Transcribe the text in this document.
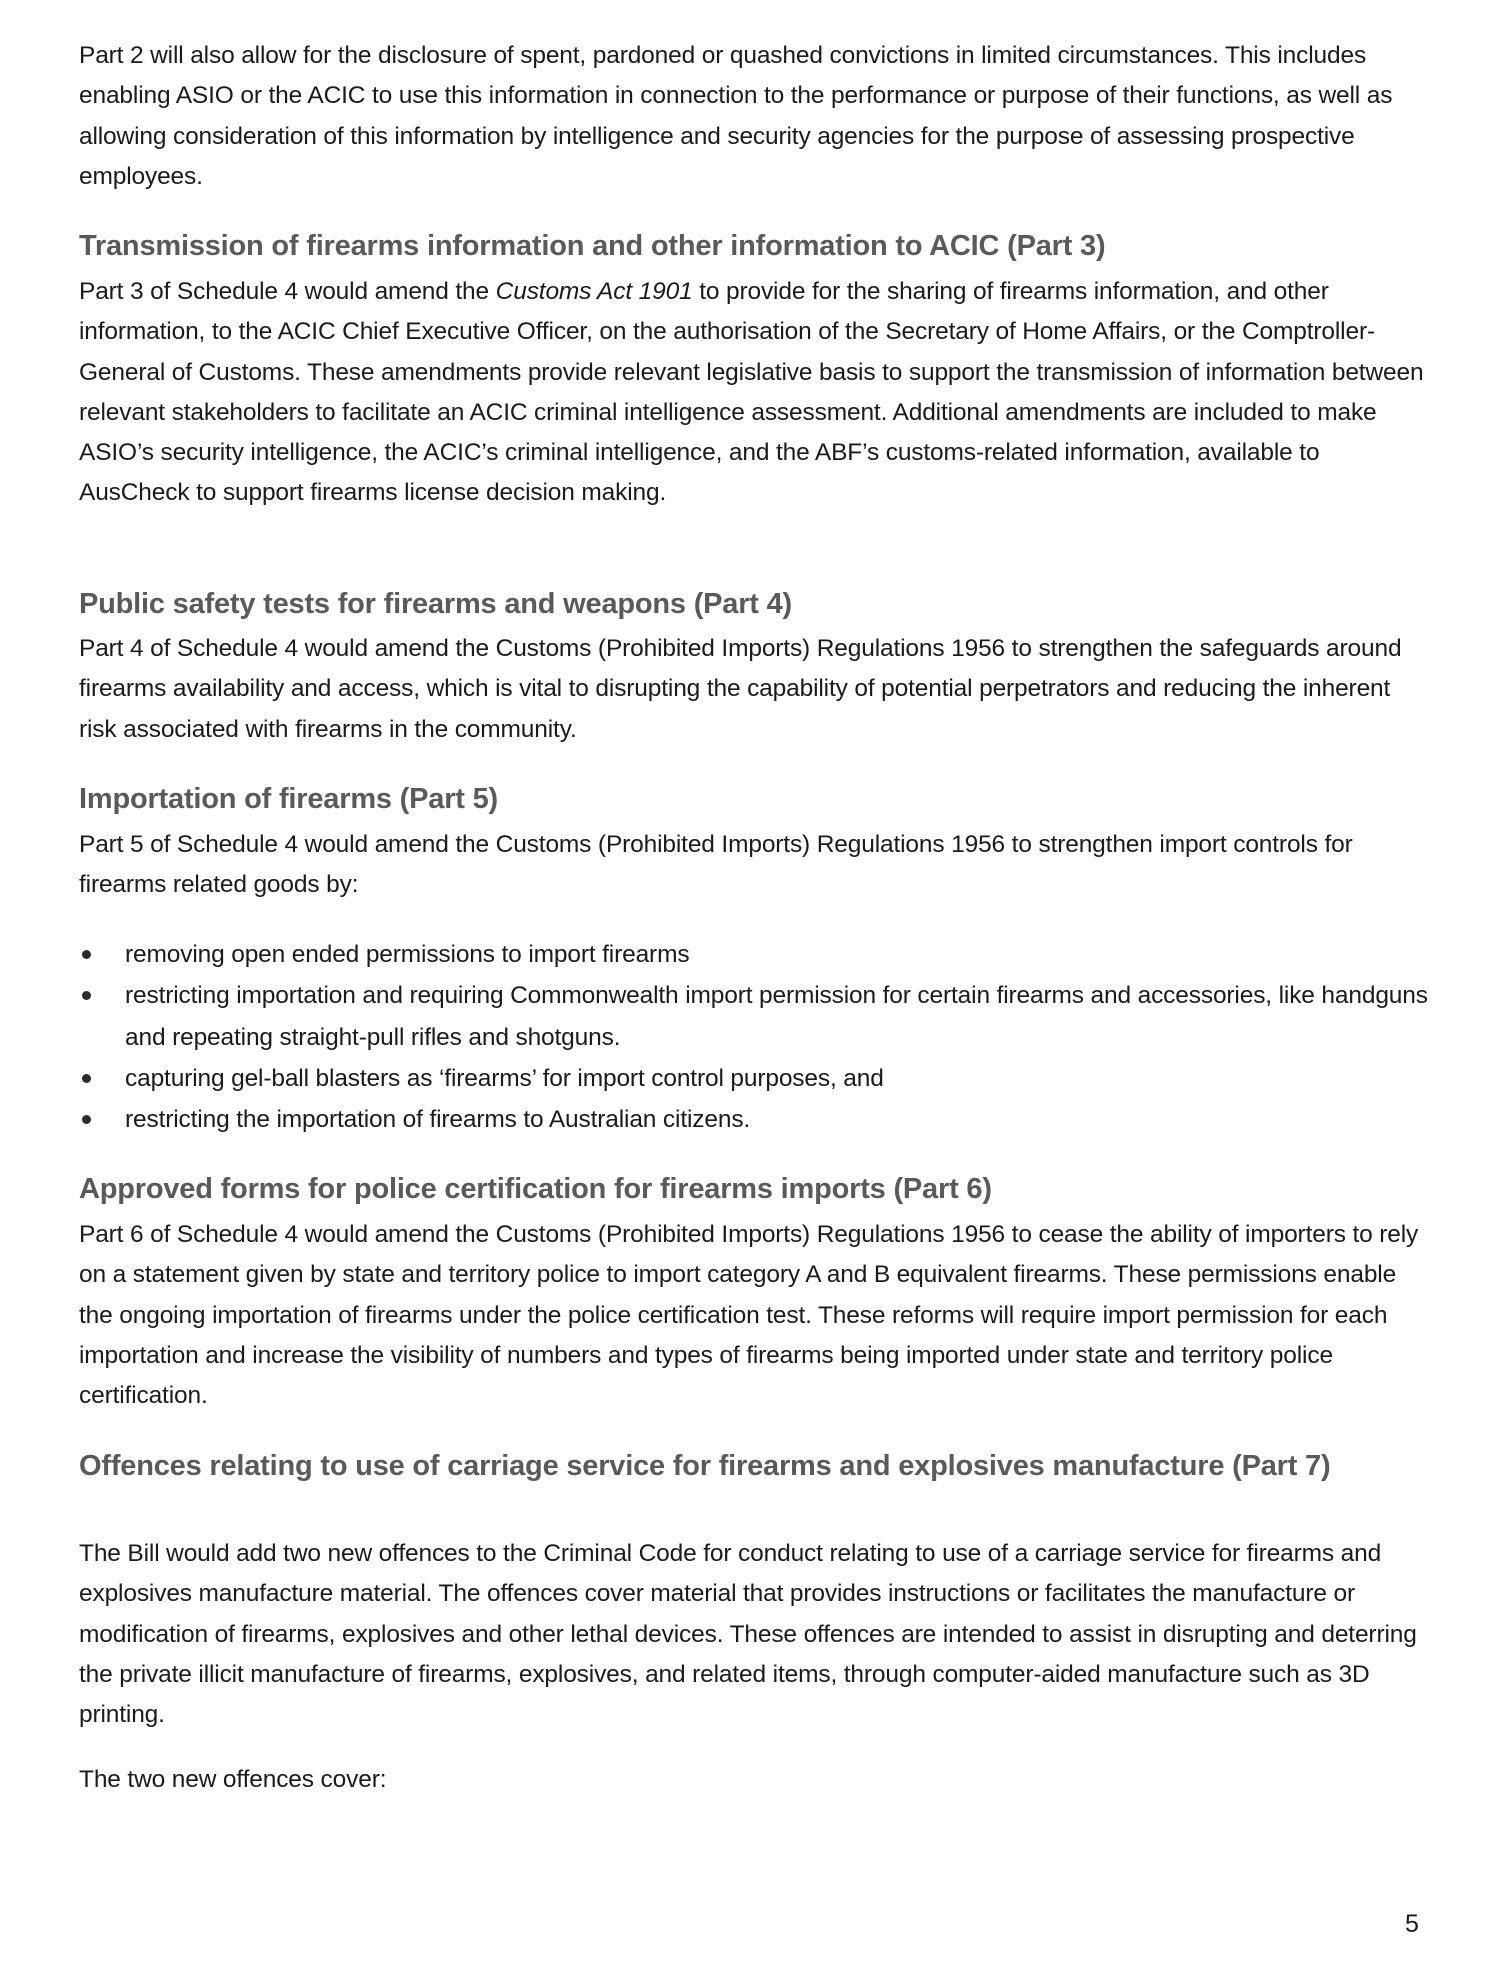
Part 2 will also allow for the disclosure of spent, pardoned or quashed convictions in limited circumstances. This includes enabling ASIO or the ACIC to use this information in connection to the performance or purpose of their functions, as well as allowing consideration of this information by intelligence and security agencies for the purpose of assessing prospective employees.

Transmission of firearms information and other information to ACIC (Part 3)

Part 3 of Schedule 4 would amend the Customs Act 1901 to provide for the sharing of firearms information, and other information, to the ACIC Chief Executive Officer, on the authorisation of the Secretary of Home Affairs, or the Comptroller-General of Customs. These amendments provide relevant legislative basis to support the transmission of information between relevant stakeholders to facilitate an ACIC criminal intelligence assessment. Additional amendments are included to make ASIO’s security intelligence, the ACIC’s criminal intelligence, and the ABF’s customs-related information, available to AusCheck to support firearms license decision making.

Public safety tests for firearms and weapons (Part 4)

Part 4 of Schedule 4 would amend the Customs (Prohibited Imports) Regulations 1956 to strengthen the safeguards around firearms availability and access, which is vital to disrupting the capability of potential perpetrators and reducing the inherent risk associated with firearms in the community.

Importation of firearms (Part 5)

Part 5 of Schedule 4 would amend the Customs (Prohibited Imports) Regulations 1956 to strengthen import controls for firearms related goods by:

removing open ended permissions to import firearms
restricting importation and requiring Commonwealth import permission for certain firearms and accessories, like handguns and repeating straight-pull rifles and shotguns.
capturing gel-ball blasters as ‘firearms’ for import control purposes, and
restricting the importation of firearms to Australian citizens.
Approved forms for police certification for firearms imports (Part 6)

Part 6 of Schedule 4 would amend the Customs (Prohibited Imports) Regulations 1956 to cease the ability of importers to rely on a statement given by state and territory police to import category A and B equivalent firearms. These permissions enable the ongoing importation of firearms under the police certification test. These reforms will require import permission for each importation and increase the visibility of numbers and types of firearms being imported under state and territory police certification.

Offences relating to use of carriage service for firearms and explosives manufacture (Part 7)

The Bill would add two new offences to the Criminal Code for conduct relating to use of a carriage service for firearms and explosives manufacture material. The offences cover material that provides instructions or facilitates the manufacture or modification of firearms, explosives and other lethal devices. These offences are intended to assist in disrupting and deterring the private illicit manufacture of firearms, explosives, and related items, through computer-aided manufacture such as 3D printing.

The two new offences cover:

5
